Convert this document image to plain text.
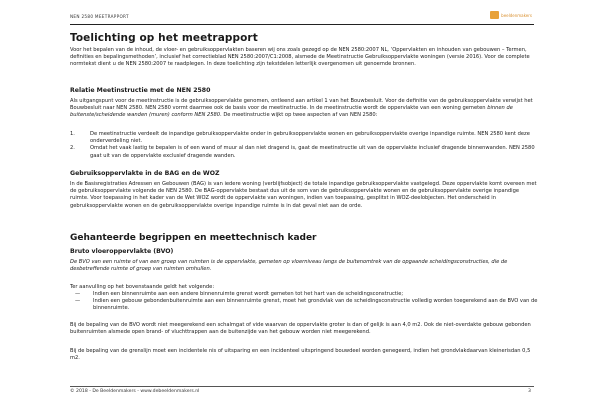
NEN 2580 MEETRAPPORT	beeldenmakers
Toelichting op het meetrapport

Voor het bepalen van de inhoud, de vloer- en gebruiksoppervlakten baseren wij ons zoals gezegd op de NEN 2580:2007 NL, ‘Oppervlakten en inhouden van gebouwen – Termen, definities en bepalingsmethoden’, inclusief het correctieblad NEN 2580:2007/C1:2008, alsmede de Meetinstructie Gebruiksoppervlakte woningen (versie 2016). Voor de complete normtekst dient u de NEN 2580:2007 te raadplegen. In deze toelichting zijn tekstdelen letterlijk overgenomen uit genoemde bronnen.

Relatie Meetinstructie met de NEN 2580

Als uitgangspunt voor de meetinstructie is de gebruiksoppervlakte genomen, ontleend aan artikel 1 van het Bouwbesluit. Voor de definitie van de gebruiksoppervlakte verwijst het Bouwbesluit naar NEN 2580. NEN 2580 vormt daarmee ook de basis voor de meetinstructie. In de meetinstructie wordt de oppervlakte van een woning gemeten binnen de buitenste/scheidende wanden (muren) conform NEN 2580. De meetinstructie wijkt op twee aspecten af van NEN 2580:

1.	De meetinstructie verdeelt de inpandige gebruiksoppervlakte onder in gebruiksoppervlakte wonen en gebruiksoppervlakte overige inpandige ruimte. NEN 2580 kent deze onderverdeling niet.
2.	Omdat het vaak lastig te bepalen is of een wand of muur al dan niet dragend is, gaat de meetinstructie uit van de oppervlakte inclusief dragende binnenwanden. NEN 2580 gaat uit van de oppervlakte exclusief dragende wanden.
Gebruiksoppervlakte in de BAG en de WOZ

In de Basisregistraties Adressen en Gebouwen (BAG) is van iedere woning (verblijfsobject) de totale inpandige gebruiksoppervlakte vastgelegd. Deze oppervlakte komt overeen met de gebruiksoppervlakte volgende de NEN 2580. De BAG-oppervlakte bestaat dus uit de som van de gebruiksoppervlakte wonen en de gebruiksoppervlakte overige inpandige ruimte. Voor toepassing in het kader van de Wet WOZ wordt de oppervlakte van woningen, indien van toepassing, gesplitst in WOZ-deelobjecten. Het onderscheid in gebruiksoppervlakte wonen en de gebruiksoppervlakte overige inpandige ruimte is in dat geval niet aan de orde.

Gehanteerde begrippen en meettechnisch kader
Bruto vloeroppervlakte (BVO)

De BVO van een ruimte of van een groep van ruimten is de oppervlakte, gemeten op vloerniveau langs de buitenomtrek van de opgaande scheidingsconstructies, die de desbetreffende ruimte of groep van ruimten omhullen.

Ter aanvulling op het bovenstaande geldt het volgende:

—	Indien een binnenruimte aan een andere binnenruimte grenst wordt gemeten tot het hart van de scheidingsconstructie;
—	Indien een gebouw gebondenbuitenruimte aan een binnenruimte grenst, moet het grondvlak van de scheidingsconstructie volledig worden toegerekend aan de BVO van de binnenruimte.

Bij de bepaling van de BVO wordt niet meegerekend een schalmgat of vide waarvan de oppervlakte groter is dan of gelijk is aan 4,0 m2. Ook de niet-overdakte gebouw gebonden buitenruimten alsmede open brand- of vluchttrappen aan de buitenzijde van het gebouw worden niet meegerekend.

Bij de bepaling van de grenslijn moet een incidentele nis of uitsparing en een incidenteel uitspringend bouwdeel worden genegeerd, indien het grondvlakdaarvan kleinerisdan 0,5 m2.

© 2018 - De Beeldenmakers - www.debeeldenmakers.nl	3
